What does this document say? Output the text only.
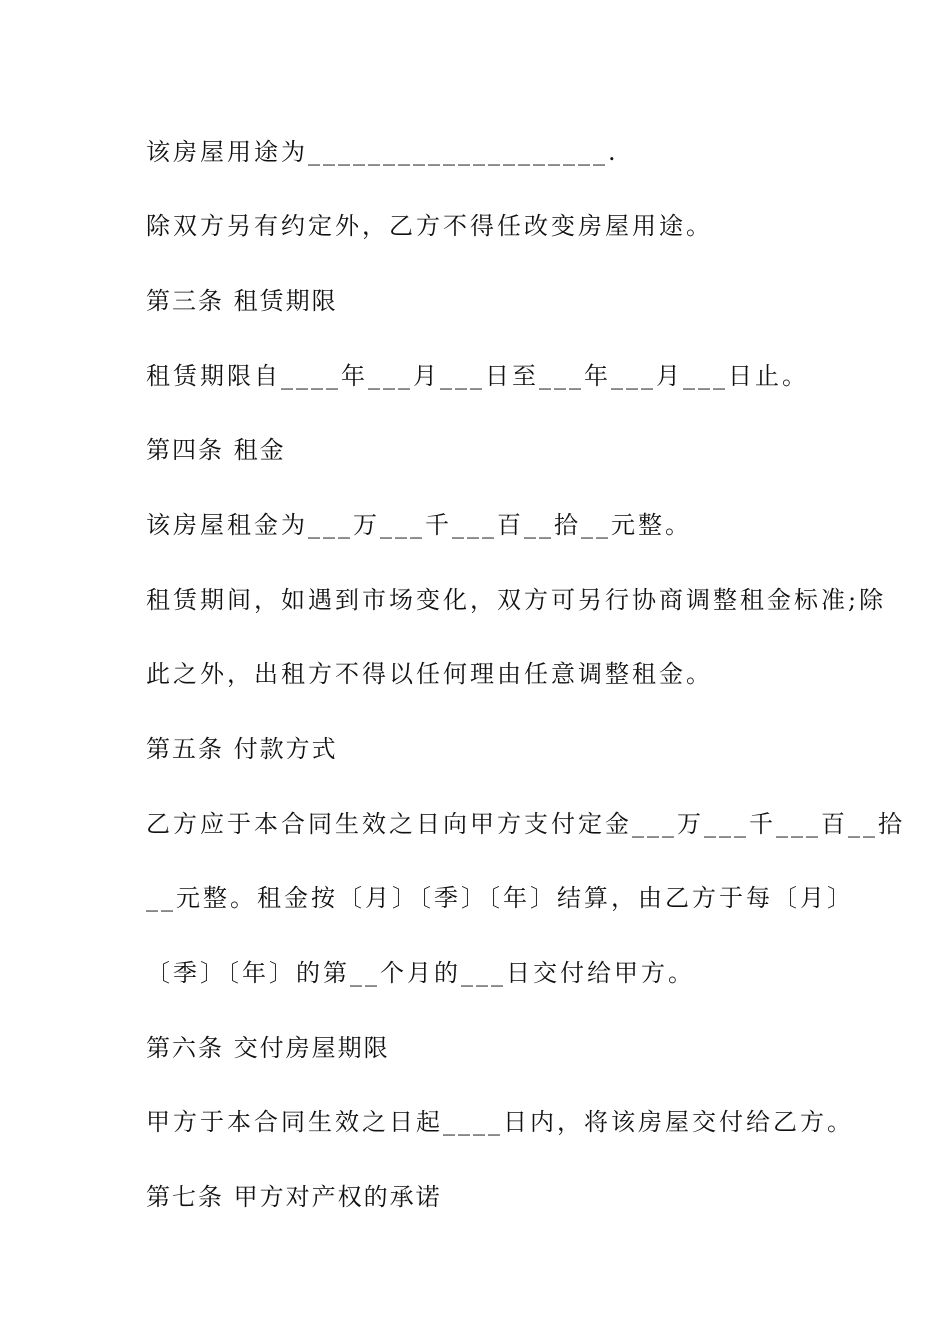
该房屋用途为____________________.
除双方另有约定外，乙方不得任改变房屋用途。
第三条 租赁期限
租赁期限自____年___月___日至___年___月___日止。
第四条 租金
该房屋租金为___万___千___百__拾__元整。
租赁期间，如遇到市场变化，双方可另行协商调整租金标准;除
此之外，出租方不得以任何理由任意调整租金。
第五条 付款方式
乙方应于本合同生效之日向甲方支付定金___万___千___百__拾
__元整。租金按〔月〕〔季〕〔年〕结算，由乙方于每〔月〕
〔季〕〔年〕的第__个月的___日交付给甲方。
第六条 交付房屋期限
甲方于本合同生效之日起____日内，将该房屋交付给乙方。
第七条 甲方对产权的承诺
